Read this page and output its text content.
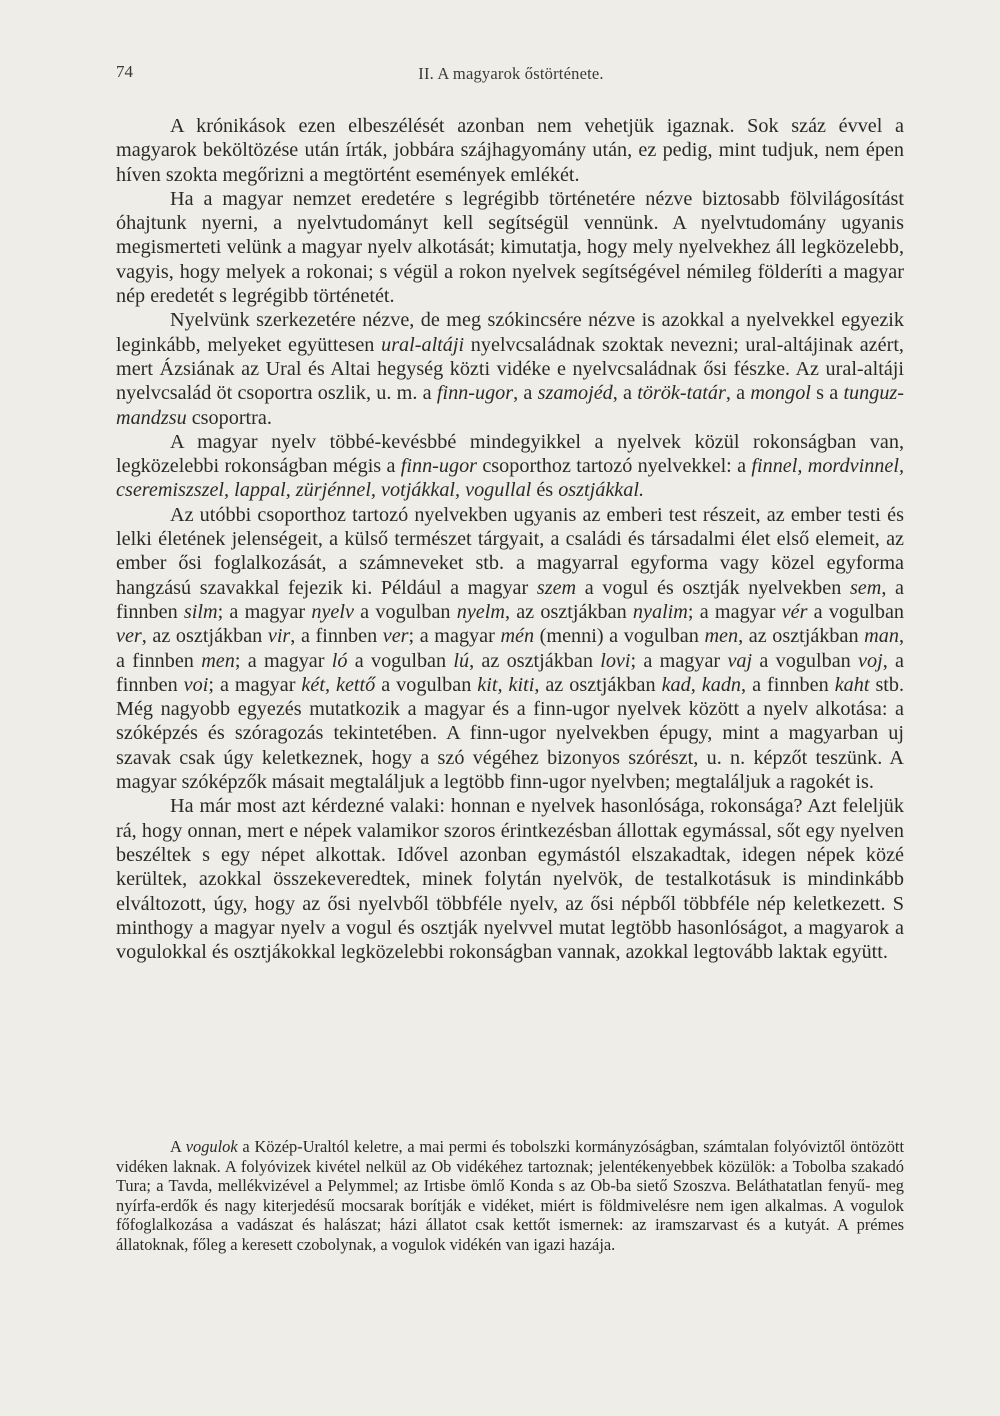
74	II. A magyarok őstörténete.

A krónikások ezen elbeszélését azonban nem vehetjük igaznak. Sok száz évvel a magyarok beköltözése után írták, jobbára szájhagyomány után, ez pedig, mint tudjuk, nem épen híven szokta megőrizni a megtörtént események emlékét.

Ha a magyar nemzet eredetére s legrégibb történetére nézve biztosabb fölvilágosítást óhajtunk nyerni, a nyelvtudományt kell segítségül vennünk. A nyelvtudomány ugyanis megismerteti velünk a magyar nyelv alkotását; kimutatja, hogy mely nyelvekhez áll legközelebb, vagyis, hogy melyek a rokonai; s végül a rokon nyelvek segítségével némileg földeríti a magyar nép eredetét s legrégibb történetét.

Nyelvünk szerkezetére nézve, de meg szókincsére nézve is azokkal a nyelvekkel egyezik leginkább, melyeket együttesen ural-altáji nyelvcsaládnak szoktak nevezni; ural-altájinak azért, mert Ázsiának az Ural és Altai hegység közti vidéke e nyelvcsaládnak ősi fészke. Az ural-altáji nyelvcsalád öt csoportra oszlik, u. m. a finn-ugor, a szamojéd, a török-tatár, a mongol s a tunguz-mandzsu csoportra.

A magyar nyelv többé-kevésbbé mindegyikkel a nyelvek közül rokonságban van, legközelebbi rokonságban mégis a finn-ugor csoporthoz tartozó nyelvekkel: a finnel, mordvinnel, cseremiszszel, lappal, zürjénnel, votjákkal, vogullal és osztjákkal.

Az utóbbi csoporthoz tartozó nyelvekben ugyanis az emberi test részeit, az ember testi és lelki életének jelenségeit, a külső természet tárgyait, a családi és társadalmi élet első elemeit, az ember ősi foglalkozását, a számneveket stb. a magyarral egyforma vagy közel egyforma hangzású szavakkal fejezik ki. Például a magyar szem a vogul és osztják nyelvekben sem, a finnben silm; a magyar nyelv a vogulban nyelm, az osztjákban nyalim; a magyar vér a vogulban ver, az osztjákban vir, a finnben ver; a magyar mén (menni) a vogulban men, az osztjákban man, a finnben men; a magyar ló a vogulban lú, az osztjákban lovi; a magyar vaj a vogulban voj, a finnben voi; a magyar két, kettő a vogulban kit, kiti, az osztjákban kad, kadn, a finnben kaht stb. Még nagyobb egyezés mutatkozik a magyar és a finn-ugor nyelvek között a nyelv alkotása: a szóképzés és szóragozás tekintetében. A finn-ugor nyelvekben épugy, mint a magyarban uj szavak csak úgy keletkeznek, hogy a szó végéhez bizonyos szórészt, u. n. képzőt teszünk. A magyar szóképzők másait megtaláljuk a legtöbb finn-ugor nyelvben; megtaláljuk a ragokét is.

Ha már most azt kérdezné valaki: honnan e nyelvek hasonlósága, rokonsága? Azt feleljük rá, hogy onnan, mert e népek valamikor szoros érintkezésban állottak egymással, sőt egy nyelven beszéltek s egy népet alkottak. Idővel azonban egymástól elszakadtak, idegen népek közé kerültek, azokkal összekeveredtek, minek folytán nyelvök, de testalkotásuk is mindinkább elváltozott, úgy, hogy az ősi nyelvből többféle nyelv, az ősi népből többféle nép keletkezett. S minthogy a magyar nyelv a vogul és osztják nyelvvel mutat legtöbb hasonlóságot, a magyarok a vogulokkal és osztjákokkal legközelebbi rokonságban vannak, azokkal legtovább laktak együtt.

A vogulok a Közép-Uraltól keletre, a mai permi és tobolszki kormányzóságban, számtalan folyóviztől öntözött vidéken laknak. A folyóvizek kivétel nelkül az Ob vidékéhez tartoznak; jelentékenyebbek közülök: a Tobolba szakadó Tura; a Tavda, mellékvizével a Pelymmel; az Irtisbe ömlő Konda s az Ob-ba siető Szoszva. Beláthatatlan fenyű- meg nyírfa-erdők és nagy kiterjedésű mocsarak borítják e vidéket, miért is földmivelésre nem igen alkalmas. A vogulok főfoglalkozása a vadászat és halászat; házi állatot csak kettőt ismernek: az iramszarvast és a kutyát. A prémes állatoknak, főleg a keresett czobolynak, a vogulok vidékén van igazi hazája.
